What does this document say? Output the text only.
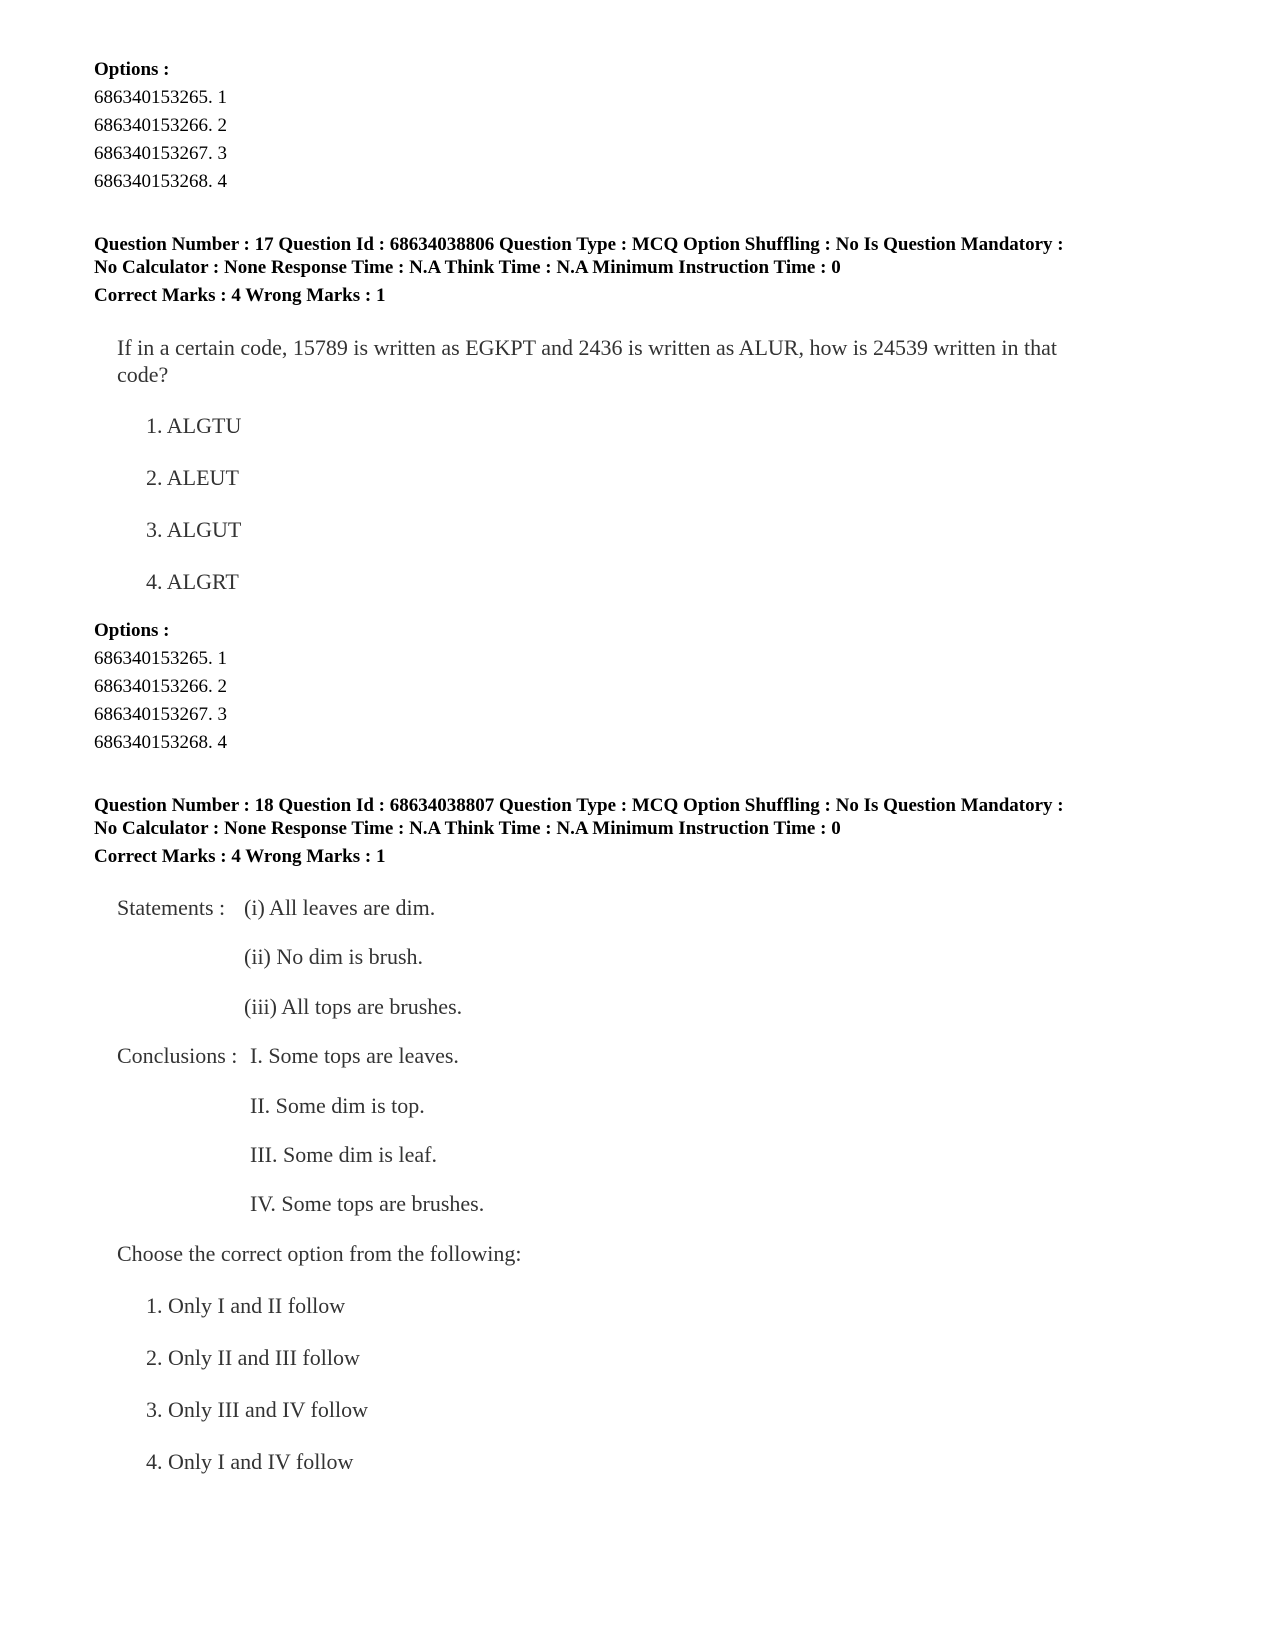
Options :
686340153265. 1
686340153266. 2
686340153267. 3
686340153268. 4
Question Number : 17 Question Id : 68634038806 Question Type : MCQ Option Shuffling : No Is Question Mandatory :
No Calculator : None Response Time : N.A Think Time : N.A Minimum Instruction Time : 0
Correct Marks : 4 Wrong Marks : 1
If in a certain code, 15789 is written as EGKPT and 2436 is written as ALUR, how is 24539 written in that
code?
1. ALGTU
2. ALEUT
3. ALGUT
4. ALGRT
Options :
686340153265. 1
686340153266. 2
686340153267. 3
686340153268. 4
Question Number : 18 Question Id : 68634038807 Question Type : MCQ Option Shuffling : No Is Question Mandatory :
No Calculator : None Response Time : N.A Think Time : N.A Minimum Instruction Time : 0
Correct Marks : 4 Wrong Marks : 1
Statements : (i) All leaves are dim.
(ii) No dim is brush.
(iii) All tops are brushes.
Conclusions : I. Some tops are leaves.
II. Some dim is top.
III. Some dim is leaf.
IV. Some tops are brushes.
Choose the correct option from the following:
1. Only I and II follow
2. Only II and III follow
3. Only III and IV follow
4. Only I and IV follow
